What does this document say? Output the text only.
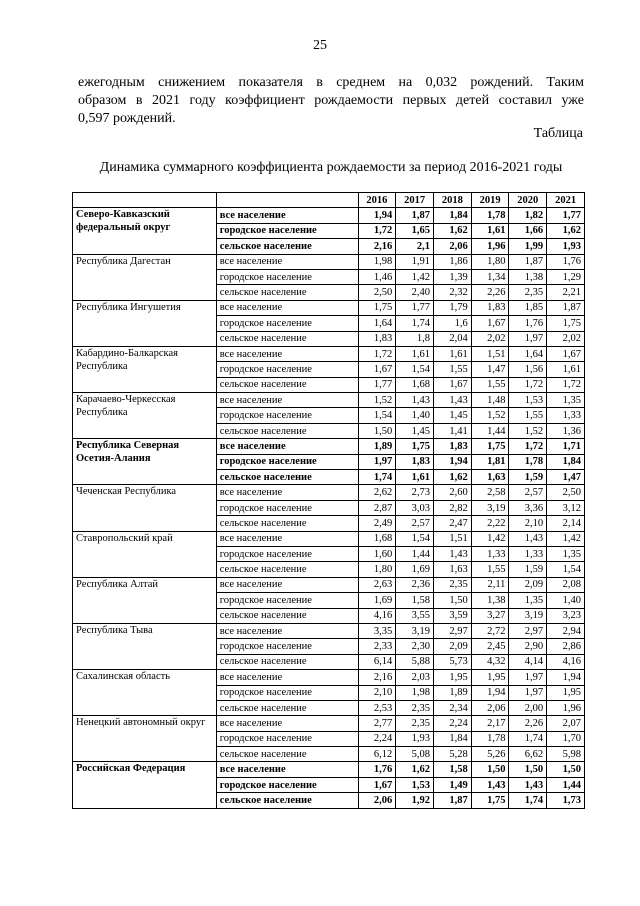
25
ежегодным снижением показателя в среднем на 0,032 рождений. Таким
образом в 2021 году коэффициент рождаемости первых детей составил уже
0,597 рождений.
Таблица
Динамика суммарного коэффициента рождаемости за период 2016-2021 годы
		2016	2017	2018	2019	2020	2021
Северо-Кавказский федеральный округ	все население	1,94	1,87	1,84	1,78	1,82	1,77
	городское население	1,72	1,65	1,62	1,61	1,66	1,62
	сельское население	2,16	2,1	2,06	1,96	1,99	1,93
Республика Дагестан	все население	1,98	1,91	1,86	1,80	1,87	1,76
	городское население	1,46	1,42	1,39	1,34	1,38	1,29
	сельское население	2,50	2,40	2,32	2,26	2,35	2,21
Республика Ингушетия	все население	1,75	1,77	1,79	1,83	1,85	1,87
	городское население	1,64	1,74	1,6	1,67	1,76	1,75
	сельское население	1,83	1,8	2,04	2,02	1,97	2,02
Кабардино-Балкарская Республика	все население	1,72	1,61	1,61	1,51	1,64	1,67
	городское население	1,67	1,54	1,55	1,47	1,56	1,61
	сельское население	1,77	1,68	1,67	1,55	1,72	1,72
Карачаево-Черкесская Республика	все население	1,52	1,43	1,43	1,48	1,53	1,35
	городское население	1,54	1,40	1,45	1,52	1,55	1,33
	сельское население	1,50	1,45	1,41	1,44	1,52	1,36
Республика Северная Осетия-Алания	все население	1,89	1,75	1,83	1,75	1,72	1,71
	городское население	1,97	1,83	1,94	1,81	1,78	1,84
	сельское население	1,74	1,61	1,62	1,63	1,59	1,47
Чеченская Республика	все население	2,62	2,73	2,60	2,58	2,57	2,50
	городское население	2,87	3,03	2,82	3,19	3,36	3,12
	сельское население	2,49	2,57	2,47	2,22	2,10	2,14
Ставропольский край	все население	1,68	1,54	1,51	1,42	1,43	1,42
	городское население	1,60	1,44	1,43	1,33	1,33	1,35
	сельское население	1,80	1,69	1,63	1,55	1,59	1,54
Республика Алтай	все население	2,63	2,36	2,35	2,11	2,09	2,08
	городское население	1,69	1,58	1,50	1,38	1,35	1,40
	сельское население	4,16	3,55	3,59	3,27	3,19	3,23
Республика Тыва	все население	3,35	3,19	2,97	2,72	2,97	2,94
	городское население	2,33	2,30	2,09	2,45	2,90	2,86
	сельское население	6,14	5,88	5,73	4,32	4,14	4,16
Сахалинская область	все население	2,16	2,03	1,95	1,95	1,97	1,94
	городское население	2,10	1,98	1,89	1,94	1,97	1,95
	сельское население	2,53	2,35	2,34	2,06	2,00	1,96
Ненецкий автономный округ	все население	2,77	2,35	2,24	2,17	2,26	2,07
	городское население	2,24	1,93	1,84	1,78	1,74	1,70
	сельское население	6,12	5,08	5,28	5,26	6,62	5,98
Российская Федерация	все население	1,76	1,62	1,58	1,50	1,50	1,50
	городское население	1,67	1,53	1,49	1,43	1,43	1,44
	сельское население	2,06	1,92	1,87	1,75	1,74	1,73
